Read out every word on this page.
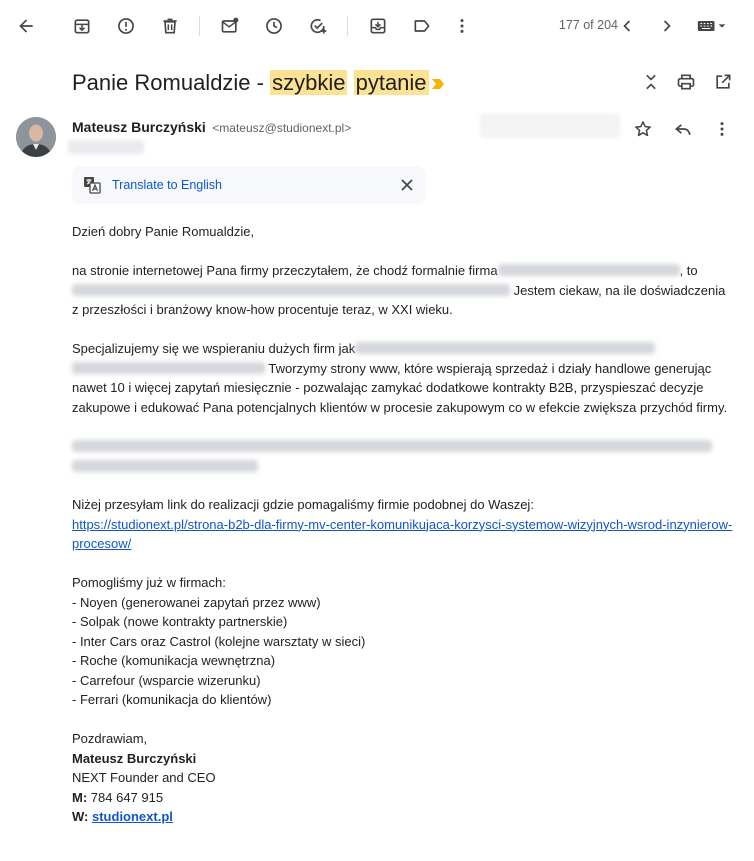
177 of 204
Panie Romualdzie - szybkie pytanie
Mateusz Burczyński <mateusz@studionext.pl>
Translate to English
Dzień dobry Panie Romualdzie,
na stronie internetowej Pana firmy przeczytałem, że chodź formalnie firma	, to
Jestem ciekaw, na ile doświadczenia
z przeszłości i branżowy know-how procentuje teraz, w XXI wieku.
Specjalizujemy się we wspieraniu dużych firm jak
Tworzymy strony www, które wspierają sprzedaż i działy handlowe generując
nawet 10 i więcej zapytań miesięcznie - pozwalając zamykać dodatkowe kontrakty B2B, przyspieszać decyzje
zakupowe i edukować Pana potencjalnych klientów w procesie zakupowym co w efekcie zwiększa przychód firmy.
Niżej przesyłam link do realizacji gdzie pomagaliśmy firmie podobnej do Waszej:
https://studionext.pl/strona-b2b-dla-firmy-mv-center-komunikujaca-korzysci-systemow-wizyjnych-wsrod-inzynierow-
procesow/
Pomogliśmy już w firmach:
- Noyen (generowanei zapytań przez www)
- Solpak (nowe kontrakty partnerskie)
- Inter Cars oraz Castrol (kolejne warsztaty w sieci)
- Roche (komunikacja wewnętrzna)
- Carrefour (wsparcie wizerunku)
- Ferrari (komunikacja do klientów)
Pozdrawiam,
Mateusz Burczyński
NEXT Founder and CEO
M: 784 647 915
W: studionext.pl
